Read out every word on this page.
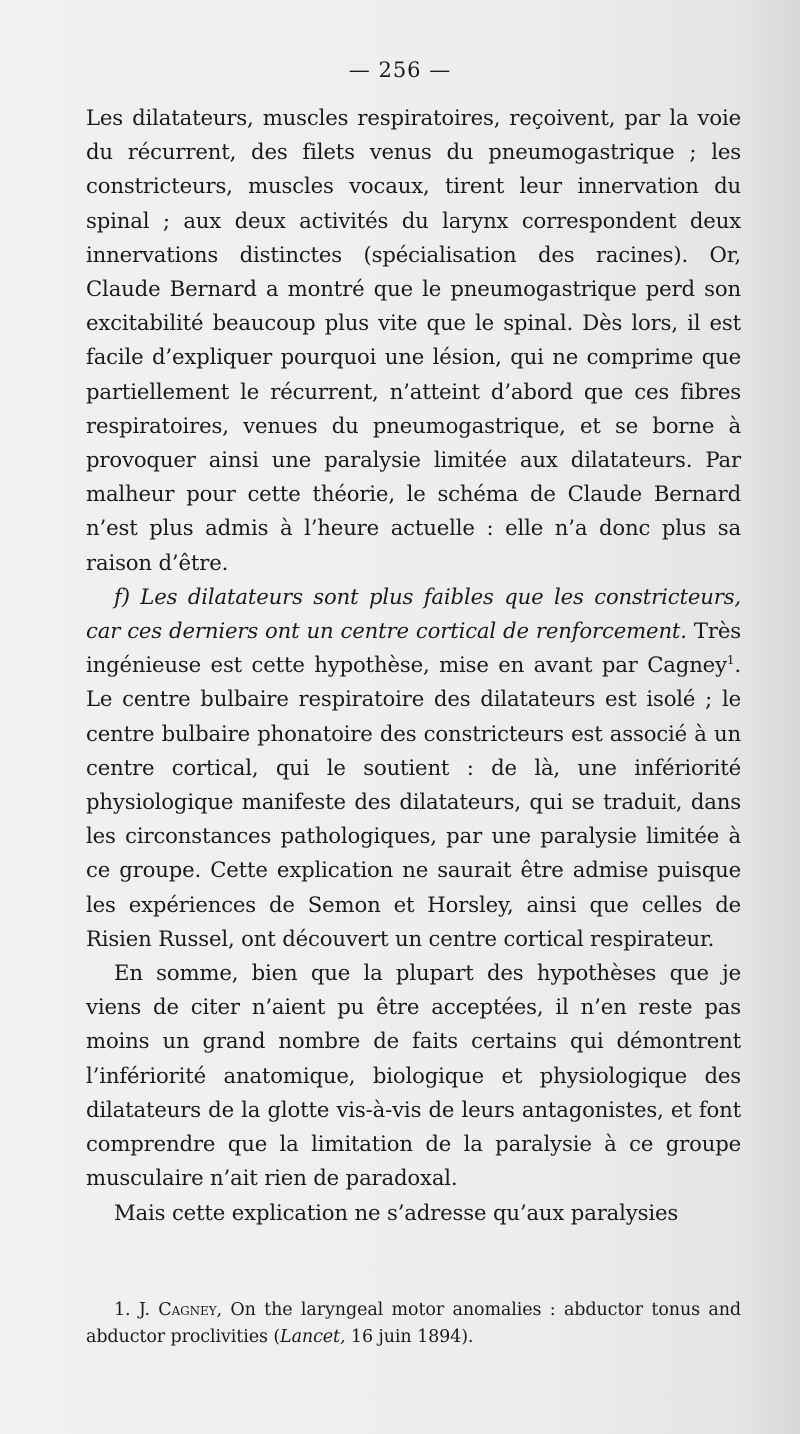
— 256 —

Les dilatateurs, muscles respiratoires, reçoivent, par la voie du récurrent, des filets venus du pneumogastrique ; les constricteurs, muscles vocaux, tirent leur innervation du spinal ; aux deux activités du larynx correspondent deux innervations distinctes (spécialisation des racines). Or, Claude Bernard a montré que le pneumogastrique perd son excitabilité beaucoup plus vite que le spinal. Dès lors, il est facile d’expliquer pourquoi une lésion, qui ne comprime que partiellement le récurrent, n’atteint d’abord que ces fibres respiratoires, venues du pneumogastrique, et se borne à provoquer ainsi une paralysie limitée aux dilatateurs. Par malheur pour cette théorie, le schéma de Claude Bernard n’est plus admis à l’heure actuelle : elle n’a donc plus sa raison d’être.

f) Les dilatateurs sont plus faibles que les constricteurs, car ces derniers ont un centre cortical de renforcement. Très ingénieuse est cette hypothèse, mise en avant par Cagney$^1$. Le centre bulbaire respiratoire des dilatateurs est isolé ; le centre bulbaire phonatoire des constricteurs est associé à un centre cortical, qui le soutient : de là, une infériorité physiologique manifeste des dilatateurs, qui se traduit, dans les circonstances pathologiques, par une paralysie limitée à ce groupe. Cette explication ne saurait être admise puisque les expériences de Semon et Horsley, ainsi que celles de Risien Russel, ont découvert un centre cortical respirateur.

En somme, bien que la plupart des hypothèses que je viens de citer n’aient pu être acceptées, il n’en reste pas moins un grand nombre de faits certains qui démontrent l’infériorité anatomique, biologique et physiologique des dilatateurs de la glotte vis-à-vis de leurs antagonistes, et font comprendre que la limitation de la paralysie à ce groupe musculaire n’ait rien de paradoxal.

Mais cette explication ne s’adresse qu’aux paralysies

1. J. Cagney, On the laryngeal motor anomalies : abductor tonus and abductor proclivities (Lancet, 16 juin 1894).
